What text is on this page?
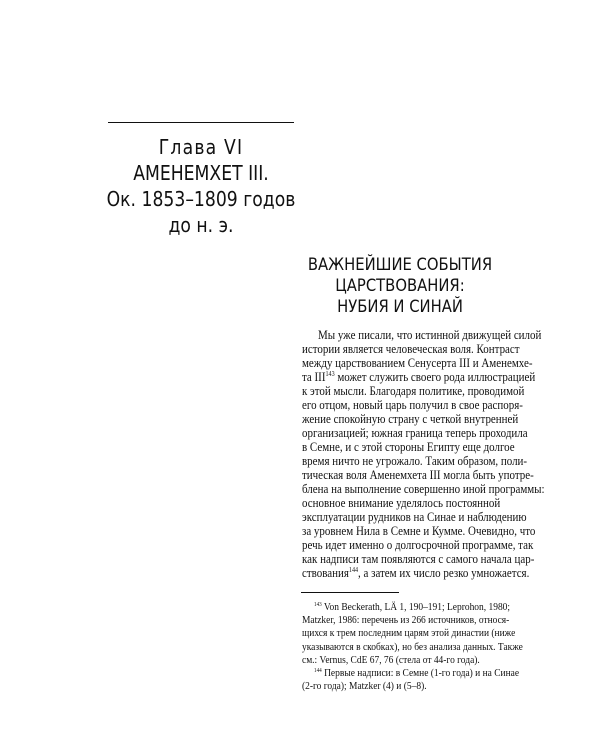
Глава VI
АМЕНЕМХЕТ III.
Ок. 1853–1809 годов
до н. э.
ВАЖНЕЙШИЕ СОБЫТИЯ
ЦАРСТВОВАНИЯ:
НУБИЯ И СИНАЙ
Мы уже писали, что истинной движущей силой
истории является человеческая воля. Контраст
между царствованием Сенусерта III и Аменемхе-
та III$^{143}$ может служить своего рода иллюстрацией
к этой мысли. Благодаря политике, проводимой
его отцом, новый царь получил в свое распоря-
жение спокойную страну с четкой внутренней
организацией; южная граница теперь проходила
в Семне, и с этой стороны Египту еще долгое
время ничто не угрожало. Таким образом, поли-
тическая воля Аменемхета III могла быть употре-
блена на выполнение совершенно иной программы:
основное внимание уделялось постоянной
эксплуатации рудников на Синае и наблюдению
за уровнем Нила в Семне и Кумме. Очевидно, что
речь идет именно о долгосрочной программе, так
как надписи там появляются с самого начала цар-
ствования$^{144}$, а затем их число резко умножается.
$^{143}$ Von Beckerath, LÄ 1, 190–191; Leprohon, 1980;
Matzker, 1986: перечень из 266 источников, относя-
щихся к трем последним царям этой династии (ниже
указываются в скобках), но без анализа данных. Также
см.: Vernus, CdE 67, 76 (стела от 44-го года).
$^{144}$ Первые надписи: в Семне (1-го года) и на Синае
(2-го года); Matzker (4) и (5–8).
